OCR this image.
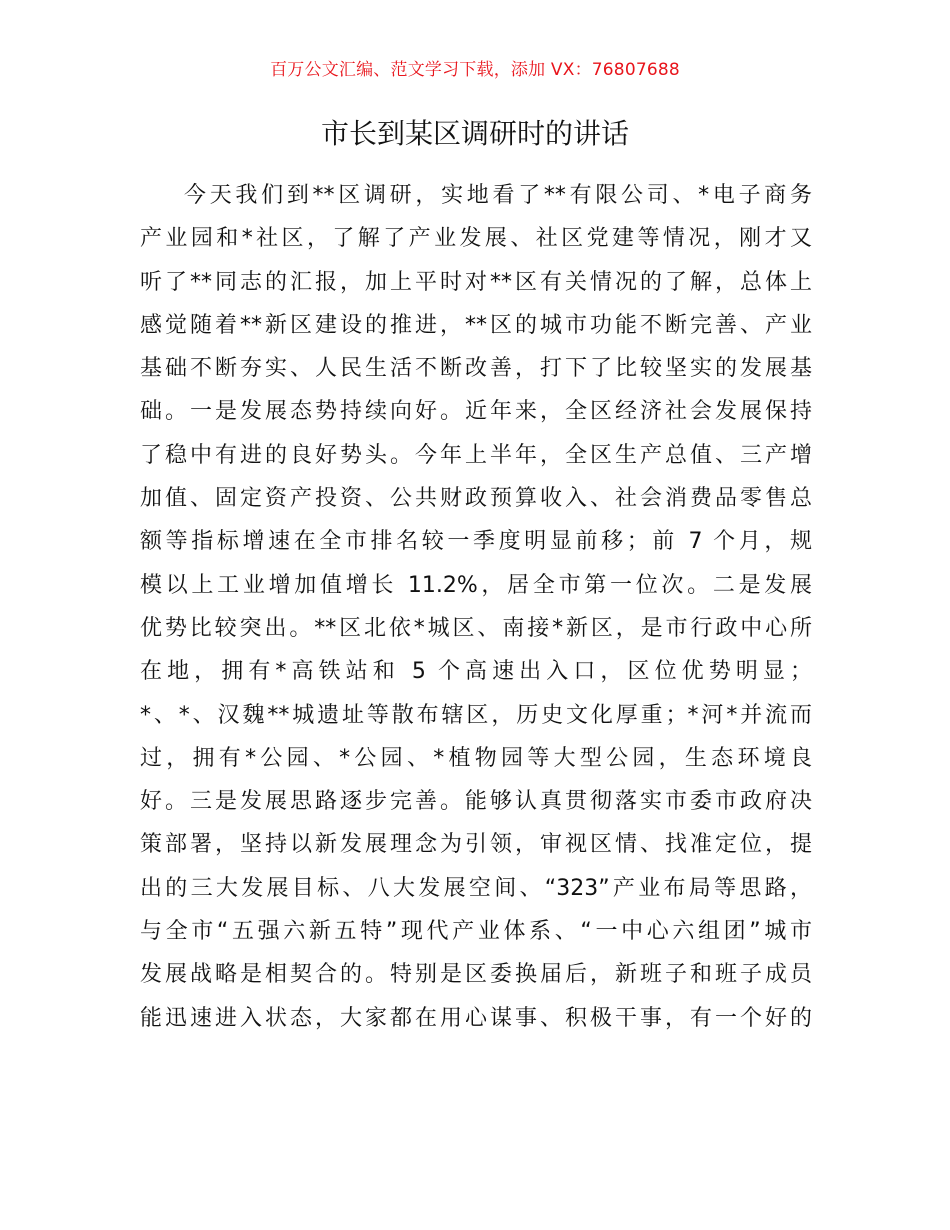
百万公文汇编、范文学习下载，添加 VX：76807688
市长到某区调研时的讲话
今天我们到**区调研，实地看了**有限公司、*电子商务
产业园和*社区，了解了产业发展、社区党建等情况，刚才又
听了**同志的汇报，加上平时对**区有关情况的了解，总体上
感觉随着**新区建设的推进，**区的城市功能不断完善、产业
基础不断夯实、人民生活不断改善，打下了比较坚实的发展基
础。一是发展态势持续向好。近年来，全区经济社会发展保持
了稳中有进的良好势头。今年上半年，全区生产总值、三产增
加值、固定资产投资、公共财政预算收入、社会消费品零售总
额等指标增速在全市排名较一季度明显前移；前 7 个月，规
模以上工业增加值增长 11.2%，居全市第一位次。二是发展
优势比较突出。**区北依*城区、南接*新区，是市行政中心所
在地，拥有*高铁站和 5 个高速出入口，区位优势明显；
*、*、汉魏**城遗址等散布辖区，历史文化厚重；*河*并流而
过，拥有*公园、*公园、*植物园等大型公园，生态环境良
好。三是发展思路逐步完善。能够认真贯彻落实市委市政府决
策部署，坚持以新发展理念为引领，审视区情、找准定位，提
出的三大发展目标、八大发展空间、“323”产业布局等思路，
与全市“五强六新五特”现代产业体系、“一中心六组团”城市
发展战略是相契合的。特别是区委换届后，新班子和班子成员
能迅速进入状态，大家都在用心谋事、积极干事，有一个好的
